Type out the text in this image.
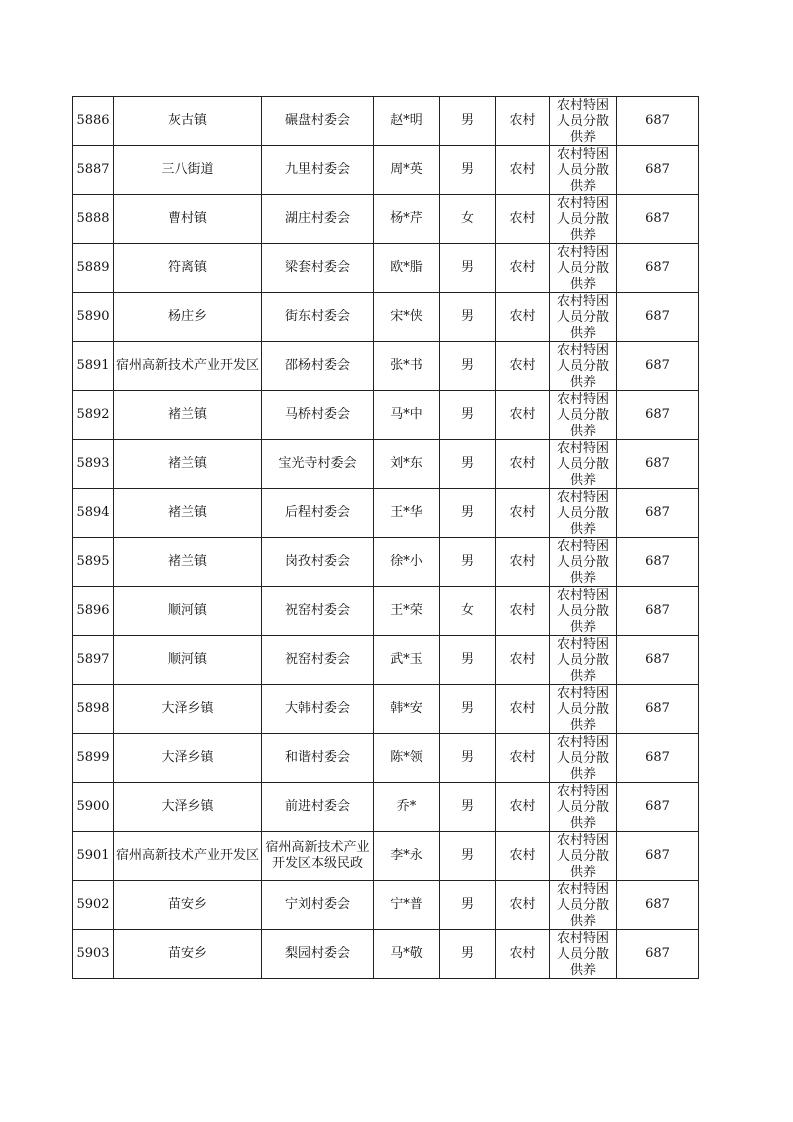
5886	灰古镇	碾盘村委会	赵*明	男	农村	农村特困人员分散供养	687
5887	三八街道	九里村委会	周*英	男	农村	农村特困人员分散供养	687
5888	曹村镇	湖庄村委会	杨*芹	女	农村	农村特困人员分散供养	687
5889	符离镇	梁套村委会	欧*脂	男	农村	农村特困人员分散供养	687
5890	杨庄乡	街东村委会	宋*侠	男	农村	农村特困人员分散供养	687
5891	宿州高新技术产业开发区	邵杨村委会	张*书	男	农村	农村特困人员分散供养	687
5892	褚兰镇	马桥村委会	马*中	男	农村	农村特困人员分散供养	687
5893	褚兰镇	宝光寺村委会	刘*东	男	农村	农村特困人员分散供养	687
5894	褚兰镇	后程村委会	王*华	男	农村	农村特困人员分散供养	687
5895	褚兰镇	岗孜村委会	徐*小	男	农村	农村特困人员分散供养	687
5896	顺河镇	祝窑村委会	王*荣	女	农村	农村特困人员分散供养	687
5897	顺河镇	祝窑村委会	武*玉	男	农村	农村特困人员分散供养	687
5898	大泽乡镇	大韩村委会	韩*安	男	农村	农村特困人员分散供养	687
5899	大泽乡镇	和谐村委会	陈*领	男	农村	农村特困人员分散供养	687
5900	大泽乡镇	前进村委会	乔*	男	农村	农村特困人员分散供养	687
5901	宿州高新技术产业开发区	宿州高新技术产业开发区本级民政	李*永	男	农村	农村特困人员分散供养	687
5902	苗安乡	宁刘村委会	宁*普	男	农村	农村特困人员分散供养	687
5903	苗安乡	梨园村委会	马*敬	男	农村	农村特困人员分散供养	687
